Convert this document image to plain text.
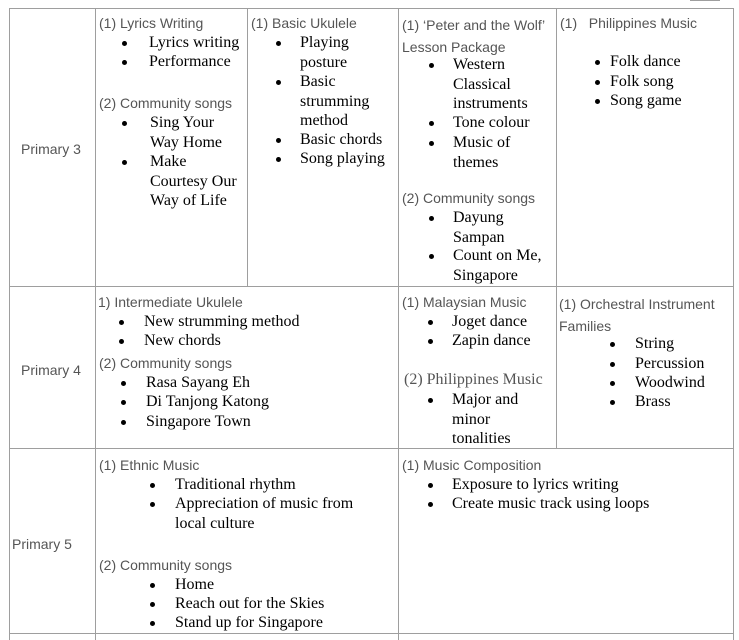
Primary 3
Primary 4
Primary 5
(1) Lyrics Writing
Lyrics writing
Performance
(2) Community songs
Sing Your Way Home
Make Courtesy Our Way of Life
(1) Basic Ukulele
Playing posture
Basic strumming method
Basic chords
Song playing
(1) ‘Peter and the Wolf’ Lesson Package
Western Classical instruments
Tone colour
Music of themes
(2) Community songs
Dayung Sampan
Count on Me, Singapore
(1)   Philippines Music
Folk dance
Folk song
Song game
1) Intermediate Ukulele
New strumming method
New chords
(2) Community songs
Rasa Sayang Eh
Di Tanjong Katong
Singapore Town
(1) Malaysian Music
Joget dance
Zapin dance
(2) Philippines Music
Major and minor tonalities
(1) Orchestral Instrument Families
String
Percussion
Woodwind
Brass
(1) Ethnic Music
Traditional rhythm
Appreciation of music from local culture
(2) Community songs
Home
Reach out for the Skies
Stand up for Singapore
(1) Music Composition
Exposure to lyrics writing
Create music track using loops
